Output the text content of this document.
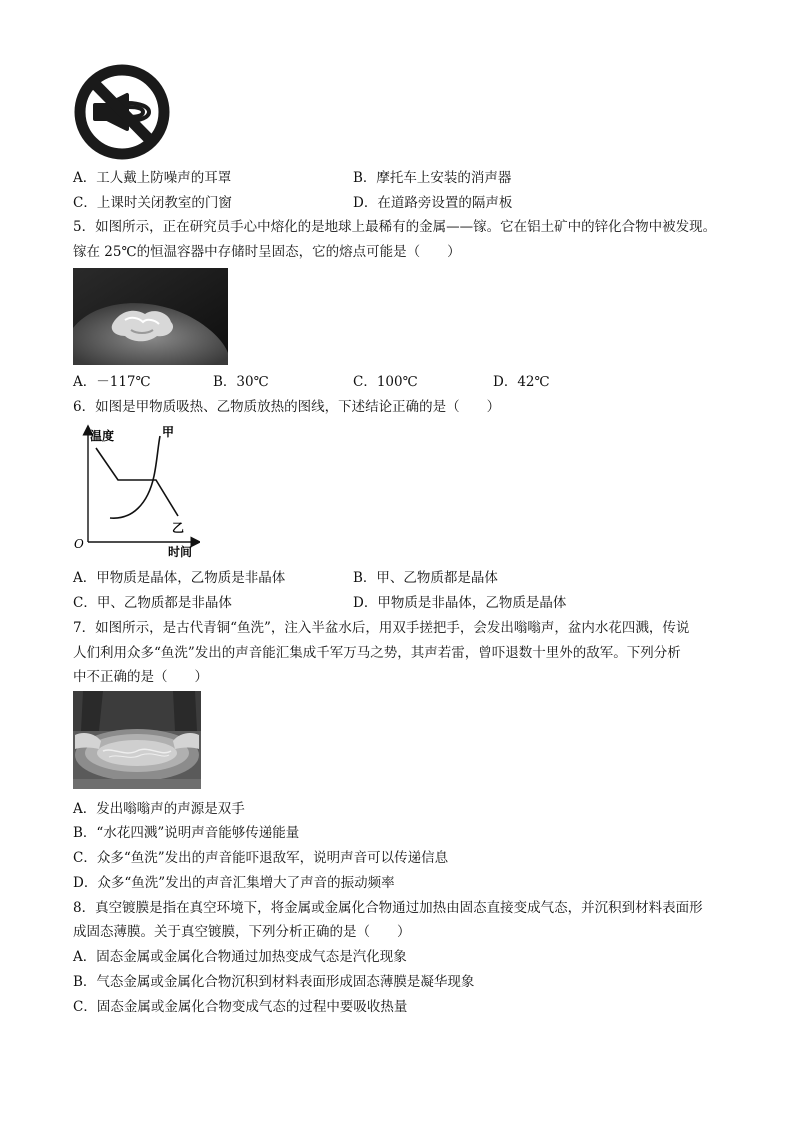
A．工人戴上防噪声的耳罩	B．摩托车上安装的消声器
C．上课时关闭教室的门窗	D．在道路旁设置的隔声板
5．如图所示，正在研究员手心中熔化的是地球上最稀有的金属——镓。它在铝土矿中的锌化合物中被发现。
镓在 25℃的恒温容器中存储时呈固态，它的熔点可能是（　　）
A．－117℃	B．30℃	C．100℃	D．42℃
6．如图是甲物质吸热、乙物质放热的图线，下述结论正确的是（　　）
温度	甲
乙
O
时间
A．甲物质是晶体，乙物质是非晶体	B．甲、乙物质都是晶体
C．甲、乙物质都是非晶体	D．甲物质是非晶体，乙物质是晶体
7．如图所示，是古代青铜“鱼洗”，注入半盆水后，用双手搓把手，会发出嗡嗡声，盆内水花四溅，传说
人们利用众多“鱼洗”发出的声音能汇集成千军万马之势，其声若雷，曾吓退数十里外的敌军。下列分析
中不正确的是（　　）
A．发出嗡嗡声的声源是双手
B．“水花四溅”说明声音能够传递能量
C．众多“鱼洗”发出的声音能吓退敌军，说明声音可以传递信息
D．众多“鱼洗”发出的声音汇集增大了声音的振动频率
8．真空镀膜是指在真空环境下，将金属或金属化合物通过加热由固态直接变成气态，并沉积到材料表面形
成固态薄膜。关于真空镀膜，下列分析正确的是（　　）
A．固态金属或金属化合物通过加热变成气态是汽化现象
B．气态金属或金属化合物沉积到材料表面形成固态薄膜是凝华现象
C．固态金属或金属化合物变成气态的过程中要吸收热量
